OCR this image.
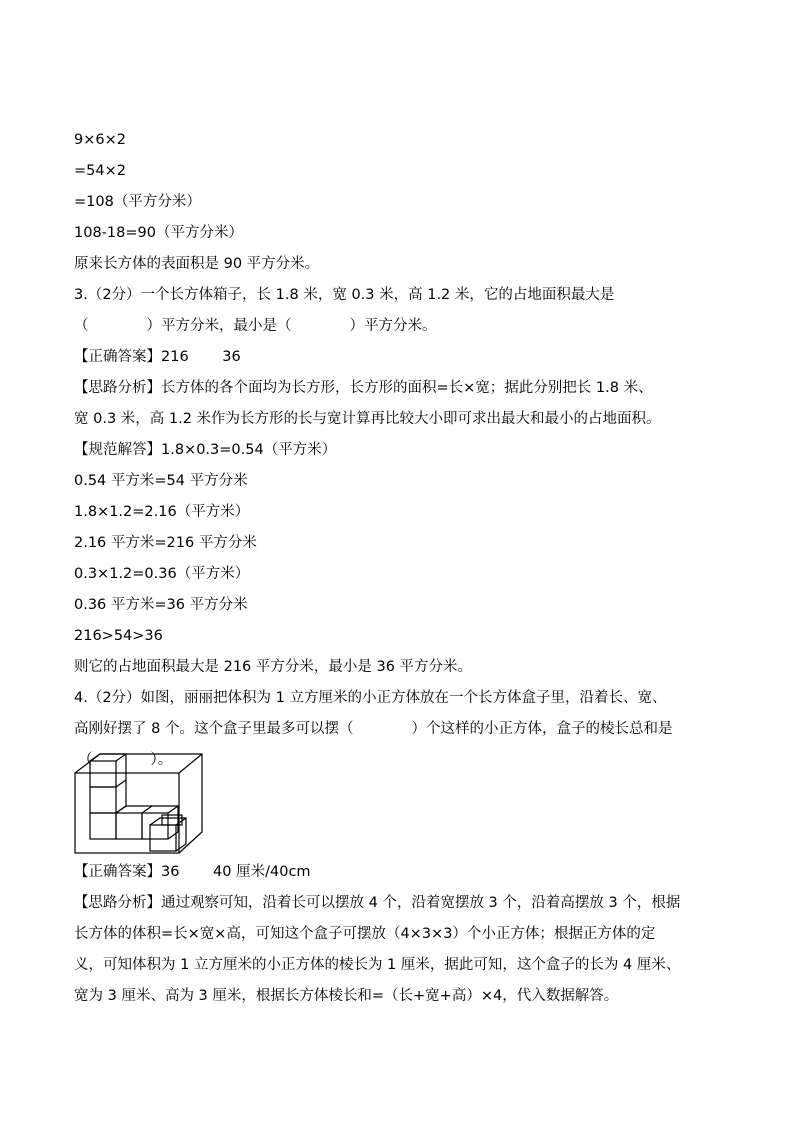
9×6×2
=54×2
=108（平方分米）
108-18=90（平方分米）
原来长方体的表面积是 90 平方分米。
3.（2分）一个长方体箱子，长 1.8 米，宽 0.3 米，高 1.2 米，它的占地面积最大是
（　　　　）平方分米，最小是（　　　　）平方分米。
【正确答案】216　　 36
【思路分析】长方体的各个面均为长方形，长方形的面积=长×宽；据此分别把长 1.8 米、
宽 0.3 米，高 1.2 米作为长方形的长与宽计算再比较大小即可求出最大和最小的占地面积。
【规范解答】1.8×0.3=0.54（平方米）
0.54 平方米=54 平方分米
1.8×1.2=2.16（平方米）
2.16 平方米=216 平方分米
0.3×1.2=0.36（平方米）
0.36 平方米=36 平方分米
216>54>36
则它的占地面积最大是 216 平方分米，最小是 36 平方分米。
4.（2分）如图，丽丽把体积为 1 立方厘米的小正方体放在一个长方体盒子里，沿着长、宽、
高刚好摆了 8 个。这个盒子里最多可以摆（　　　　）个这样的小正方体，盒子的棱长总和是
（　　　　）。
【正确答案】36　　 40 厘米/40cm
【思路分析】通过观察可知，沿着长可以摆放 4 个，沿着宽摆放 3 个，沿着高摆放 3 个，根据
长方体的体积=长×宽×高，可知这个盒子可摆放（4×3×3）个小正方体；根据正方体的定
义，可知体积为 1 立方厘米的小正方体的棱长为 1 厘米，据此可知，这个盒子的长为 4 厘米、
宽为 3 厘米、高为 3 厘米，根据长方体棱长和=（长+宽+高）×4，代入数据解答。
